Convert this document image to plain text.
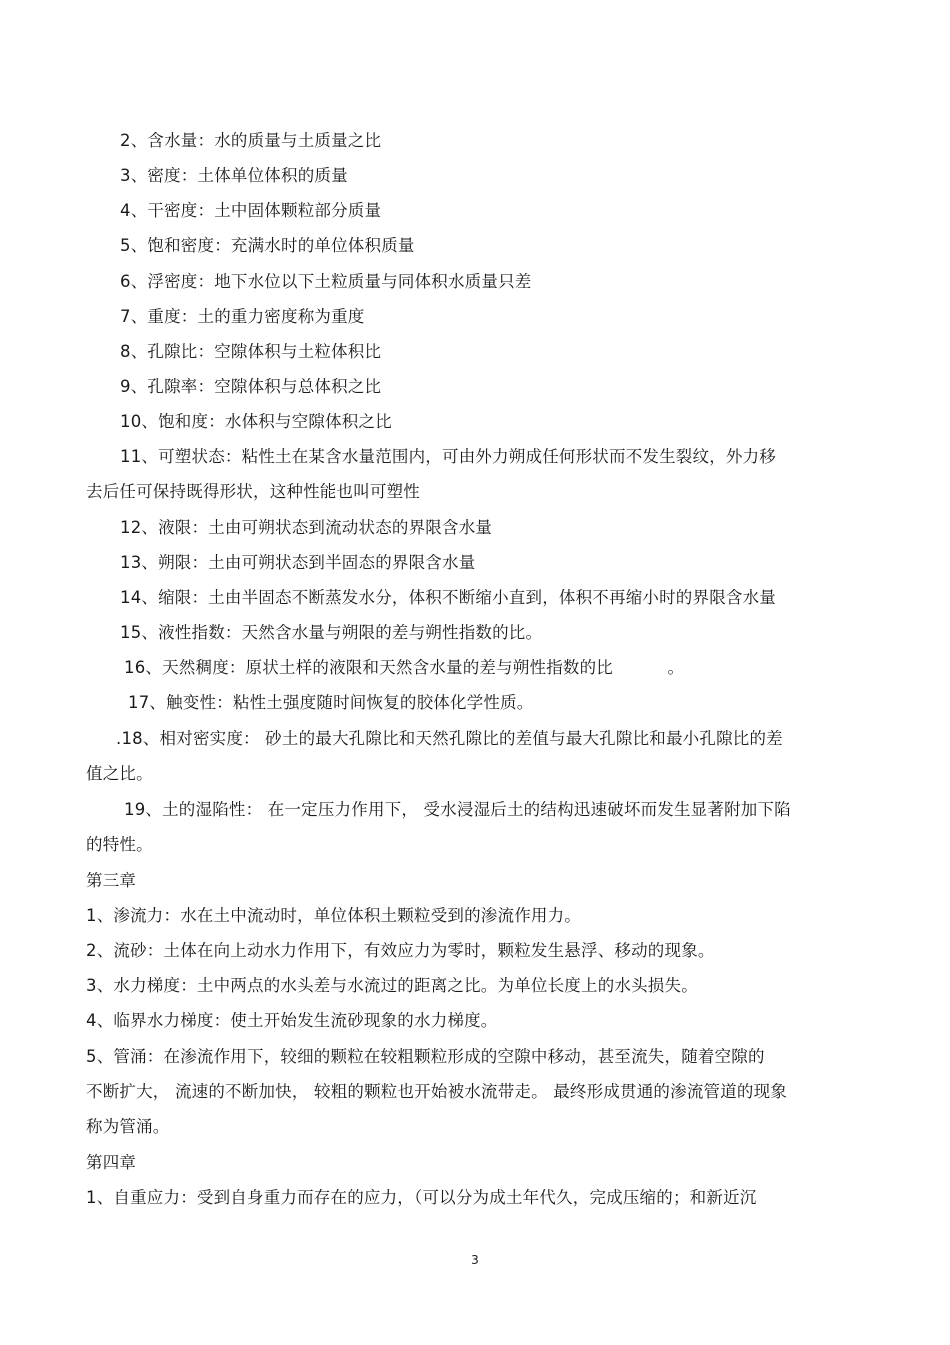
2、含水量：水的质量与土质量之比
3、密度：土体单位体积的质量
4、干密度：土中固体颗粒部分质量
5、饱和密度：充满水时的单位体积质量
6、浮密度：地下水位以下土粒质量与同体积水质量只差
7、重度：土的重力密度称为重度
8、孔隙比：空隙体积与土粒体积比
9、孔隙率：空隙体积与总体积之比
10、饱和度：水体积与空隙体积之比
11、可塑状态：粘性土在某含水量范围内，可由外力朔成任何形状而不发生裂纹，外力移
去后任可保持既得形状，这种性能也叫可塑性
12、液限：土由可朔状态到流动状态的界限含水量
13、朔限：土由可朔状态到半固态的界限含水量
14、缩限：土由半固态不断蒸发水分，体积不断缩小直到，体积不再缩小时的界限含水量
15、液性指数：天然含水量与朔限的差与朔性指数的比。
16、天然稠度：原状土样的液限和天然含水量的差与朔性指数的比          。
17、触变性：粘性土强度随时间恢复的胶体化学性质。
.18、相对密实度： 砂土的最大孔隙比和天然孔隙比的差值与最大孔隙比和最小孔隙比的差
值之比。
19、土的湿陷性： 在一定压力作用下， 受水浸湿后土的结构迅速破坏而发生显著附加下陷
的特性。
第三章
1、渗流力：水在土中流动时，单位体积土颗粒受到的渗流作用力。
2、流砂：土体在向上动水力作用下，有效应力为零时，颗粒发生悬浮、移动的现象。
3、水力梯度：土中两点的水头差与水流过的距离之比。为单位长度上的水头损失。
4、临界水力梯度：使土开始发生流砂现象的水力梯度。
5、管涌：在渗流作用下，较细的颗粒在较粗颗粒形成的空隙中移动，甚至流失，随着空隙的
不断扩大， 流速的不断加快， 较粗的颗粒也开始被水流带走。 最终形成贯通的渗流管道的现象
称为管涌。
第四章
1、自重应力：受到自身重力而存在的应力，（可以分为成土年代久，完成压缩的；和新近沉
3
